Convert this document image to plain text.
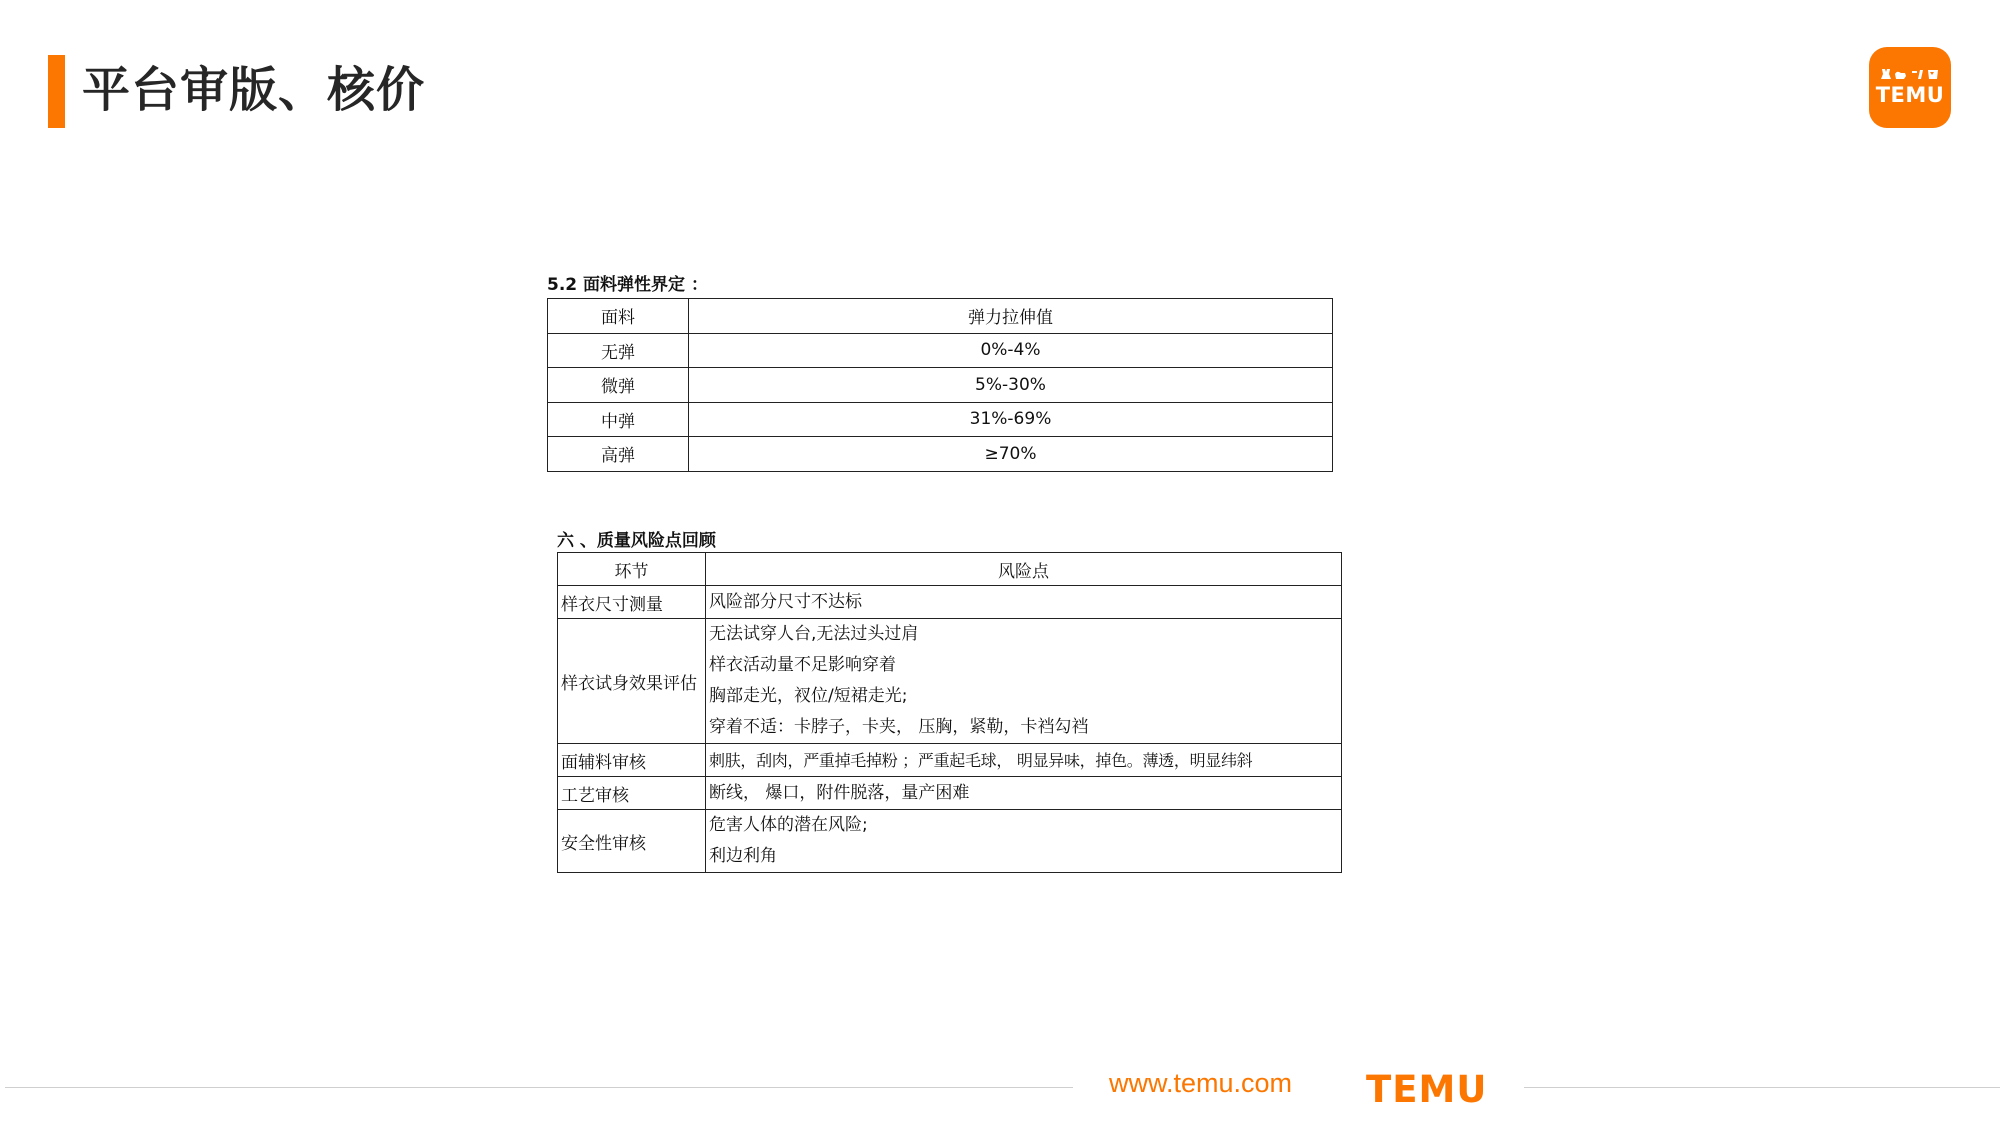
平台审版、核价	TEMU
5.2 面料弹性界定 ：
面料	弹力拉伸值
无弹	0%-4%
微弹	5%-30%
中弹	31%-69%
高弹	≥70%
六 、质量风险点回顾
环节	风险点
样衣尺寸测量	风险部分尺寸不达标

样衣试身效果评估	无法试穿人台,无法过头过肩
样衣活动量不足影响穿着
胸部走光，衩位/短裙走光;
穿着不适：卡脖子，卡夹， 压胸，紧勒，卡裆勾裆

面辅料审核	刺肤，刮肉，严重掉毛掉粉 ；严重起毛球， 明显异味，掉色。薄透，明显纬斜

工艺审核	断线， 爆口，附件脱落，量产困难

安全性审核	危害人体的潜在风险;
利边利角
www.temu.com TEMU
